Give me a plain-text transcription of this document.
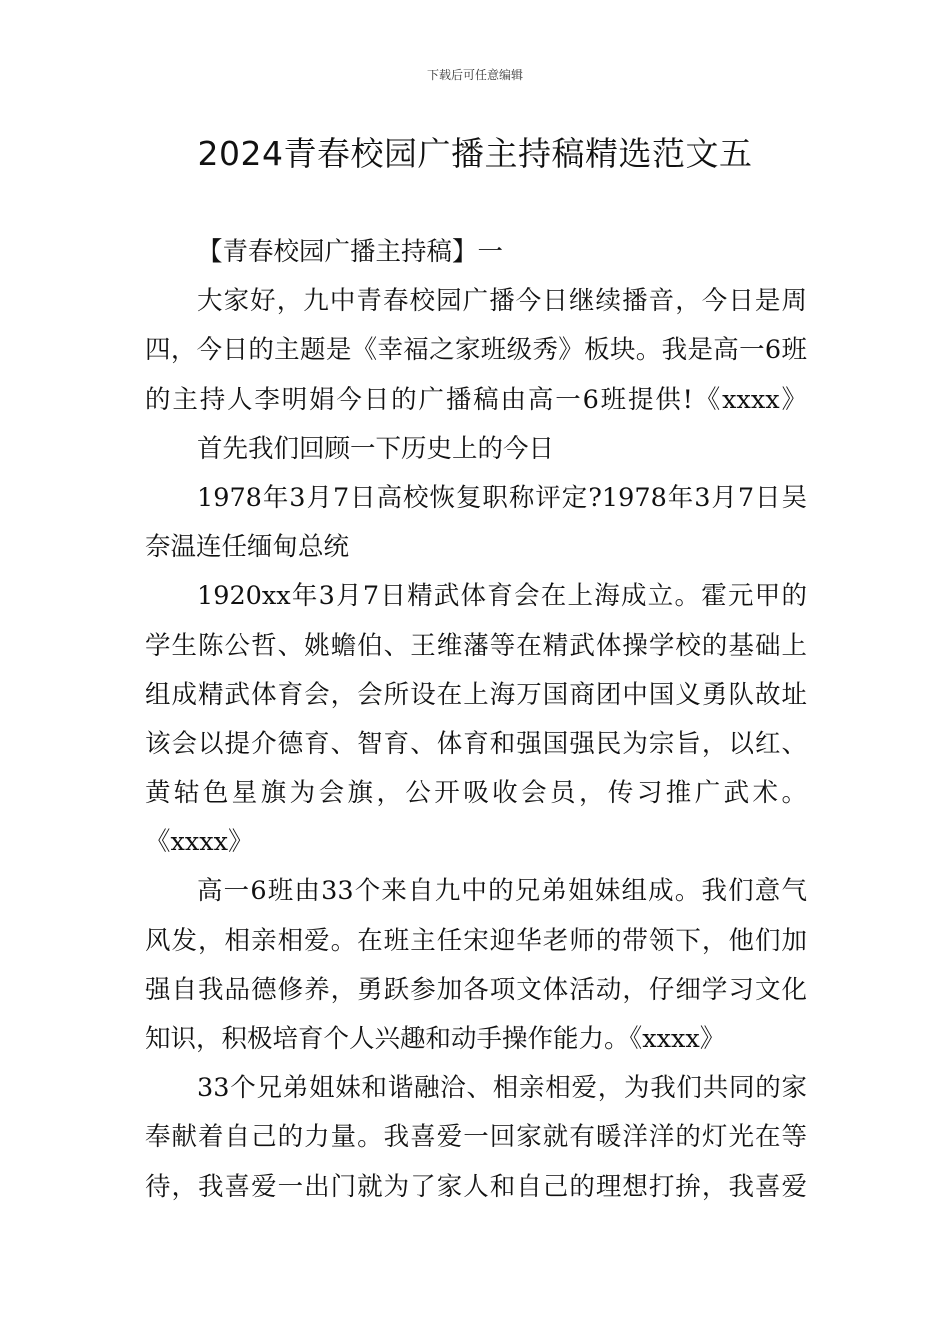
下载后可任意编辑
2024青春校园广播主持稿精选范文五
【青春校园广播主持稿】一
大家好，九中青春校园广播今日继续播音，今日是周
四，今日的主题是《幸福之家班级秀》板块。我是高一6班
的主持人李明娟今日的广播稿由高一6班提供!《xxxx》
首先我们回顾一下历史上的今日
1978年3月7日高校恢复职称评定?1978年3月7日吴
奈温连任缅甸总统
1920xx年3月7日精武体育会在上海成立。霍元甲的
学生陈公哲、姚蟾伯、王维藩等在精武体操学校的基础上
组成精武体育会，会所设在上海万国商团中国义勇队故址
该会以提介德育、智育、体育和强国强民为宗旨，以红、
黄轱色星旗为会旗，公开吸收会员，传习推广武术。
《xxxx》
高一6班由33个来自九中的兄弟姐妹组成。我们意气
风发，相亲相爱。在班主任宋迎华老师的带领下，他们加
强自我品德修养，勇跃参加各项文体活动，仔细学习文化
知识，积极培育个人兴趣和动手操作能力。《xxxx》
33个兄弟姐妹和谐融洽、相亲相爱，为我们共同的家
奉献着自己的力量。我喜爱一回家就有暖洋洋的灯光在等
待，我喜爱一出门就为了家人和自己的理想打拚，我喜爱
